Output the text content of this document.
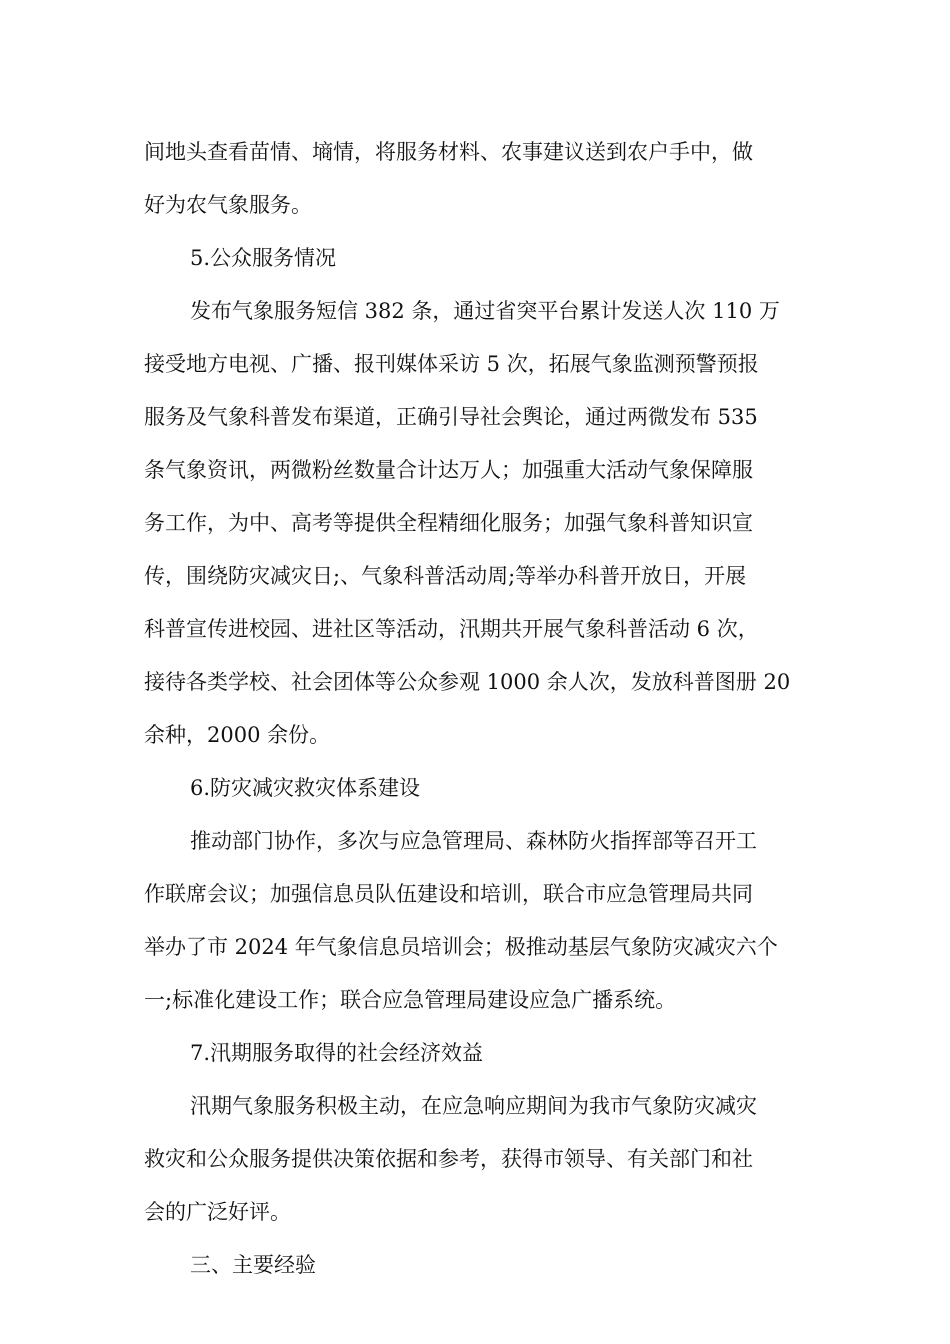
间地头查看苗情、墒情，将服务材料、农事建议送到农户手中，做
好为农气象服务。
5.公众服务情况
发布气象服务短信 382 条，通过省突平台累计发送人次 110 万
接受地方电视、广播、报刊媒体采访 5 次，拓展气象监测预警预报
服务及气象科普发布渠道，正确引导社会舆论，通过两微发布 535
条气象资讯，两微粉丝数量合计达万人；加强重大活动气象保障服
务工作，为中、高考等提供全程精细化服务；加强气象科普知识宣
传，围绕防灾减灾日;、气象科普活动周;等举办科普开放日，开展
科普宣传进校园、进社区等活动，汛期共开展气象科普活动 6 次，
接待各类学校、社会团体等公众参观 1000 余人次，发放科普图册 20
余种，2000 余份。
6.防灾减灾救灾体系建设
推动部门协作，多次与应急管理局、森林防火指挥部等召开工
作联席会议；加强信息员队伍建设和培训，联合市应急管理局共同
举办了市 2024 年气象信息员培训会；极推动基层气象防灾减灾六个
一;标准化建设工作；联合应急管理局建设应急广播系统。
7.汛期服务取得的社会经济效益
汛期气象服务积极主动，在应急响应期间为我市气象防灾减灾
救灾和公众服务提供决策依据和参考，获得市领导、有关部门和社
会的广泛好评。
三、主要经验
